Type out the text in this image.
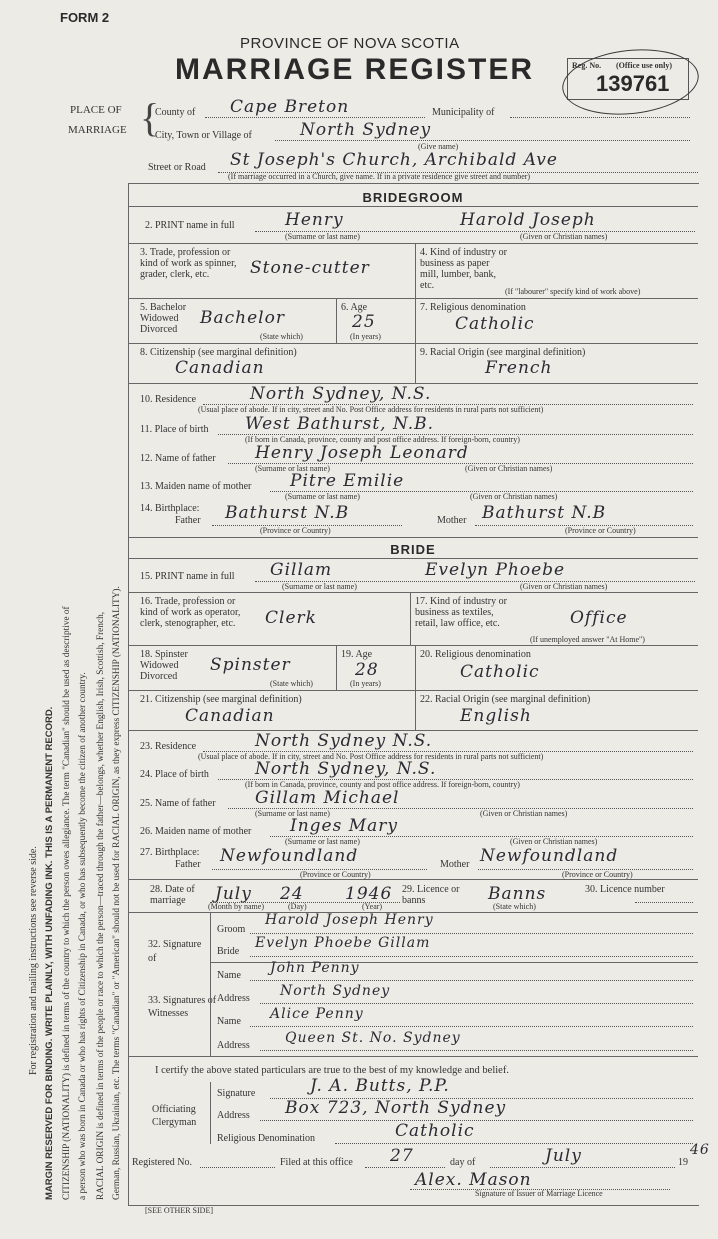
For registration and mailing instructions see reverse side. MARGIN RESERVED FOR BINDING. WRITE PLAINLY, WITH UNFADING INK. THIS IS A PERMANENT RECORD. CITIZENSHIP (NATIONALITY) is defined in terms of the country to which the person owes allegiance. The term "Canadian" should be used as descriptive of a person who was born in Canada or who has rights of Citizenship in Canada, or who has subsequently become the citizen of another country. RACIAL ORIGIN is defined in terms of the people or race to which the person—traced through the father—belongs, whether English, Irish, Scottish, French, German, Russian, Ukrainian, etc. The terms "Canadian" or "American" should not be used for RACIAL ORIGIN, as they express CITIZENSHIP (NATIONALITY).
FORM 2
PROVINCE OF NOVA SCOTIA
MARRIAGE REGISTER	Reg. No. (Office use only)
139761
PLACE OF
MARRIAGE {
County of Cape Breton	Municipality of
City, Town or Village of	North Sydney
(Give name)
Street or Road St Joseph's Church, Archibald Ave
(If marriage occurred in a Church, give name. If in a private residence give street and number)
BRIDEGROOM
2. PRINT name in full	Henry	Harold Joseph
(Surname or last name)	(Given or Christian names)
3. Trade, profession or kind of work as spinner, grader, clerk, etc.	Stone-cutter
4. Kind of industry or business as paper mill, lumber, bank, etc.
(If "labourer" specify kind of work above)
5. Bachelor Widowed Divorced
Bachelor
(State which)
6. Age
25
(In years)
7. Religious denomination
Catholic
8. Citizenship (see marginal definition)
Canadian
9. Racial Origin (see marginal definition)
French
10. Residence	North Sydney, N.S.
(Usual place of abode. If in city, street and No. Post Office address for residents in rural parts not sufficient)
11. Place of birth West Bathurst, N.B.
(If born in Canada, province, county and post office address. If foreign-born, country)
12. Name of father Henry Joseph Leonard
(Surname or last name)	(Given or Christian names)
13. Maiden name of mother Pitre Emilie
(Surname or last name)	(Given or Christian names)
14. Birthplace:
Father Bathurst N.B
(Province or Country)
Mother Bathurst N.B
(Province or Country)
BRIDE
15. PRINT name in full Gillam	Evelyn Phoebe
(Surname or last name)	(Given or Christian names)
16. Trade, profession or kind of work as operator, clerk, stenographer, etc.	Clerk
17. Kind of industry or business as textiles, retail, law office, etc.	Office
(If unemployed answer "At Home")
18. Spinster Widowed Divorced
Spinster
(State which)
19. Age
28
(In years)
20. Religious denomination
Catholic
21. Citizenship (see marginal definition)
Canadian
22. Racial Origin (see marginal definition)
English
23. Residence	North Sydney N.S.
(Usual place of abode. If in city, street and No. Post Office address for residents in rural parts not sufficient)
24. Place of birth	North Sydney, N.S.
(If born in Canada, province, county and post office address. If foreign-born, country)
25. Name of father Gillam Michael
(Surname or last name)	(Given or Christian names)
26. Maiden name of mother Inges Mary
(Surname or last name)	(Given or Christian names)
27. Birthplace:
Father Newfoundland
(Province or Country)
Mother Newfoundland
(Province or Country)
28. Date of marriage	July 24 1946
(Month by name)	(Day)	(Year)
29. Licence or banns	Banns
(State which)
30. Licence number
32. Signature of
Groom
Harold Joseph Henry
Bride
Evelyn Phoebe Gillam
33. Signatures of Witnesses
Name John Penny
Address North Sydney
Name Alice Penny
Address	Queen St. No. Sydney
I certify the above stated particulars are true to the best of my knowledge and belief.
Officiating Clergyman
Signature	J. A. Butts, P.P.
Address Box 723, North Sydney
Religious Denomination	Catholic
Registered No.	Filed at this office 27	day of	July	19
46
Alex. Mason
Signature of Issuer of Marriage Licence
[SEE OTHER SIDE]
